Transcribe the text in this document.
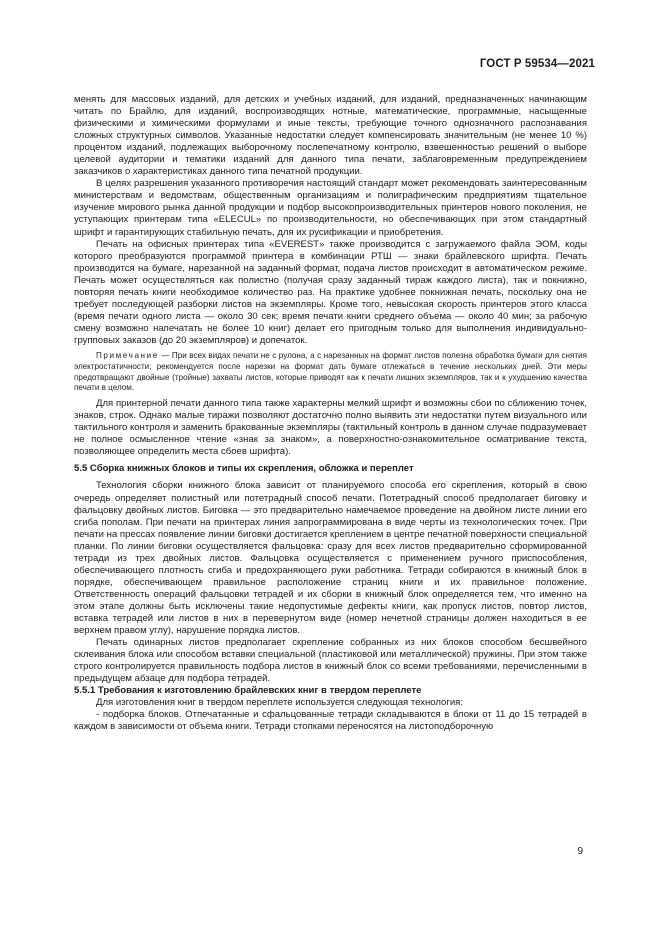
ГОСТ Р 59534—2021

менять для массовых изданий, для детских и учебных изданий, для изданий, предназначенных начинающим читать по Брайлю, для изданий, воспроизводящих нотные, математические, программные, насыщенные физическими и химическими формулами и иные тексты, требующие точного однозначного распознавания сложных структурных символов. Указанные недостатки следует компенсировать значительным (не менее 10 %) процентом изданий, подлежащих выборочному послепечатному контролю, взвешенностью решений о выборе целевой аудитории и тематики изданий для данного типа печати, заблаговременным предупреждением заказчиков о характеристиках данного типа печатной продукции.

В целях разрешения указанного противоречия настоящий стандарт может рекомендовать заинтересованным министерствам и ведомствам, общественным организациям и полиграфическим предприятиям тщательное изучение мирового рынка данной продукции и подбор высокопроизводительных принтеров нового поколения, не уступающих принтерам типа «ELECUL» по производительности, но обеспечивающих при этом стандартный шрифт и гарантирующих стабильную печать, для их русификации и приобретения.

Печать на офисных принтерах типа «EVEREST» также производится с загружаемого файла ЭОМ, коды которого преобразуются программой принтера в комбинации РТШ — знаки брайлевского шрифта. Печать производится на бумаге, нарезанной на заданный формат, подача листов происходит в автоматическом режиме. Печать может осуществляться как полистно (получая сразу заданный тираж каждого листа), так и покнижно, повторяя печать книги необходимое количество раз. На практике удобнее покнижная печать, поскольку она не требует последующей разборки листов на экземпляры. Кроме того, невысокая скорость принтеров этого класса (время печати одного листа — около 30 сек; время печати книги среднего объема — около 40 мин; за рабочую смену возможно напечатать не более 10 книг) делает его пригодным только для выполнения индивидуально-групповых заказов (до 20 экземпляров) и допечаток.

Примечание — При всех видах печати не с рулона, а с нарезанных на формат листов полезна обработка бумаги для снятия электростатичности; рекомендуется после нарезки на формат дать бумаге отлежаться в течение нескольких дней. Эти меры предотвращают двойные (тройные) захваты листов, которые приводят как к печати лишних экземпляров, так и к ухудшению качества печати в целом.

Для принтерной печати данного типа также характерны мелкий шрифт и возможны сбои по сближению точек, знаков, строк. Однако малые тиражи позволяют достаточно полно выявить эти недостатки путем визуального или тактильного контроля и заменить бракованные экземпляры (тактильный контроль в данном случае подразумевает не полное осмысленное чтение «знак за знаком», а поверхностно-ознакомительное осматривание текста, позволяющее определить места сбоев шрифта).

5.5 Сборка книжных блоков и типы их скрепления, обложка и переплет

Технология сборки книжного блока зависит от планируемого способа его скрепления, который в свою очередь определяет полистный или потетрадный способ печати. Потетрадный способ предполагает биговку и фальцовку двойных листов. Биговка — это предварительно намечаемое проведение на двойном листе линии его сгиба пополам. При печати на принтерах линия запрограммирована в виде черты из технологических точек. При печати на прессах появление линии биговки достигается креплением в центре печатной поверхности специальной планки. По линии биговки осуществляется фальцовка: сразу для всех листов предварительно сформированной тетради из трех двойных листов. Фальцовка осуществляется с применением ручного приспособления, обеспечивающего плотность сгиба и предохраняющего руки работника. Тетради собираются в книжный блок в порядке, обеспечивающем правильное расположение страниц книги и их правильное положение. Ответственность операций фальцовки тетрадей и их сборки в книжный блок определяется тем, что именно на этом этапе должны быть исключены такие недопустимые дефекты книги, как пропуск листов, повтор листов, вставка тетрадей или листов в них в перевернутом виде (номер нечетной страницы должен находиться в ее верхнем правом углу), нарушение порядка листов.

Печать одинарных листов предполагает скрепление собранных из них блоков способом бесшвейного склеивания блока или способом вставки специальной (пластиковой или металлической) пружины. При этом также строго контролируется правильность подбора листов в книжный блок со всеми требованиями, перечисленными в предыдущем абзаце для подбора тетрадей.

5.5.1 Требования к изготовлению брайлевских книг в твердом переплете

Для изготовления книг в твердом переплете используется следующая технология:

- подборка блоков. Отпечатанные и сфальцованные тетради складываются в блоки от 11 до 15 тетрадей в каждом в зависимости от объема книги. Тетради стопками переносятся на листоподборочную

9
